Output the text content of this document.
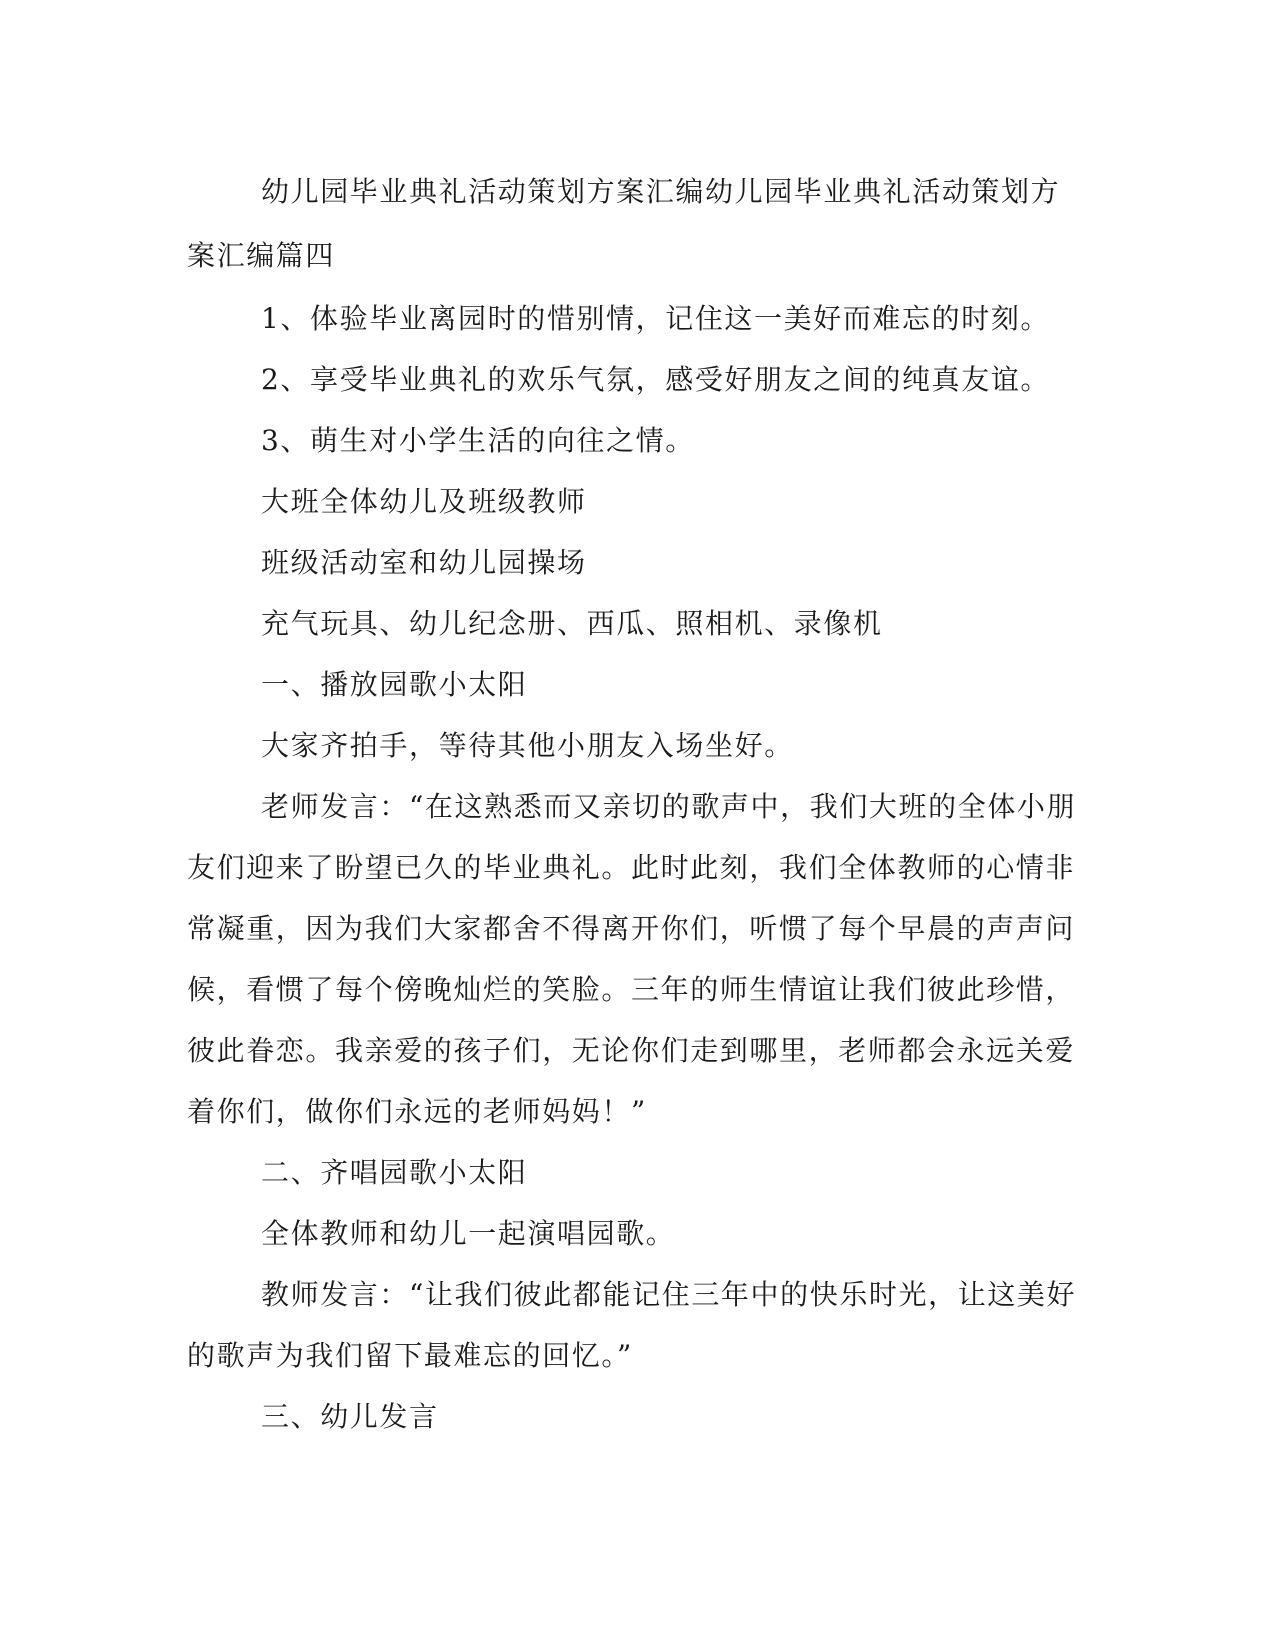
幼儿园毕业典礼活动策划方案汇编幼儿园毕业典礼活动策划方案汇编篇四

1、体验毕业离园时的惜别情，记住这一美好而难忘的时刻。

2、享受毕业典礼的欢乐气氛，感受好朋友之间的纯真友谊。

3、萌生对小学生活的向往之情。

大班全体幼儿及班级教师

班级活动室和幼儿园操场

充气玩具、幼儿纪念册、西瓜、照相机、录像机

一、播放园歌小太阳

大家齐拍手，等待其他小朋友入场坐好。

老师发言：“在这熟悉而又亲切的歌声中，我们大班的全体小朋友们迎来了盼望已久的毕业典礼。此时此刻，我们全体教师的心情非常凝重，因为我们大家都舍不得离开你们，听惯了每个早晨的声声问候，看惯了每个傍晚灿烂的笑脸。三年的师生情谊让我们彼此珍惜，彼此眷恋。我亲爱的孩子们，无论你们走到哪里，老师都会永远关爱着你们，做你们永远的老师妈妈！”

二、齐唱园歌小太阳

全体教师和幼儿一起演唱园歌。

教师发言：“让我们彼此都能记住三年中的快乐时光，让这美好的歌声为我们留下最难忘的回忆。”

三、幼儿发言
